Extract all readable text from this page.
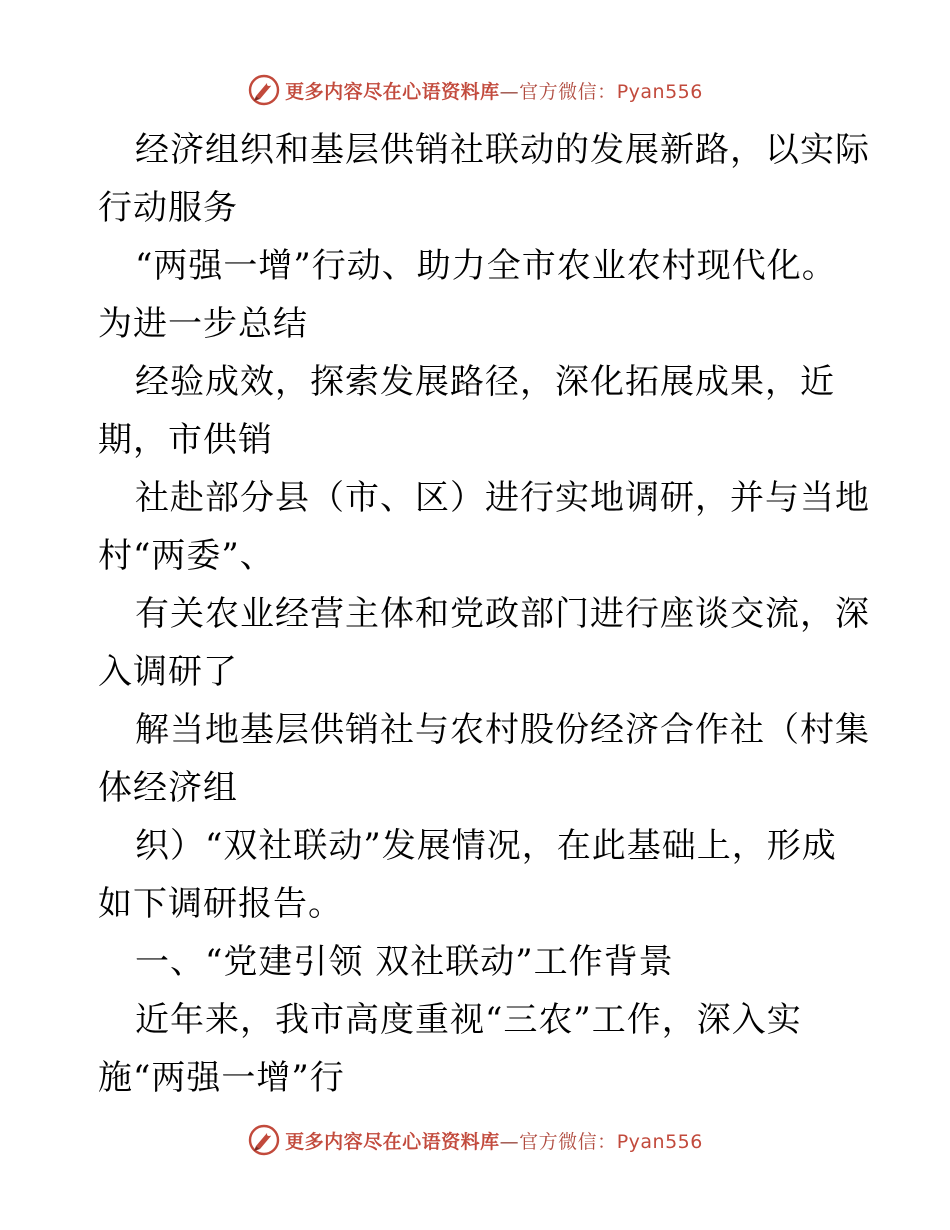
更多内容尽在心语资料库—官方微信：Pyan556
经济组织和基层供销社联动的发展新路，以实际
行动服务
“两强一增”行动、助力全市农业农村现代化。
为进一步总结
经验成效，探索发展路径，深化拓展成果，近
期，市供销
社赴部分县（市、区）进行实地调研，并与当地
村“两委”、
有关农业经营主体和党政部门进行座谈交流，深
入调研了
解当地基层供销社与农村股份经济合作社（村集
体经济组
织）“双社联动”发展情况，在此基础上，形成
如下调研报告。
一、“党建引领 双社联动”工作背景
近年来，我市高度重视“三农”工作，深入实
施“两强一增”行
更多内容尽在心语资料库—官方微信：Pyan556
